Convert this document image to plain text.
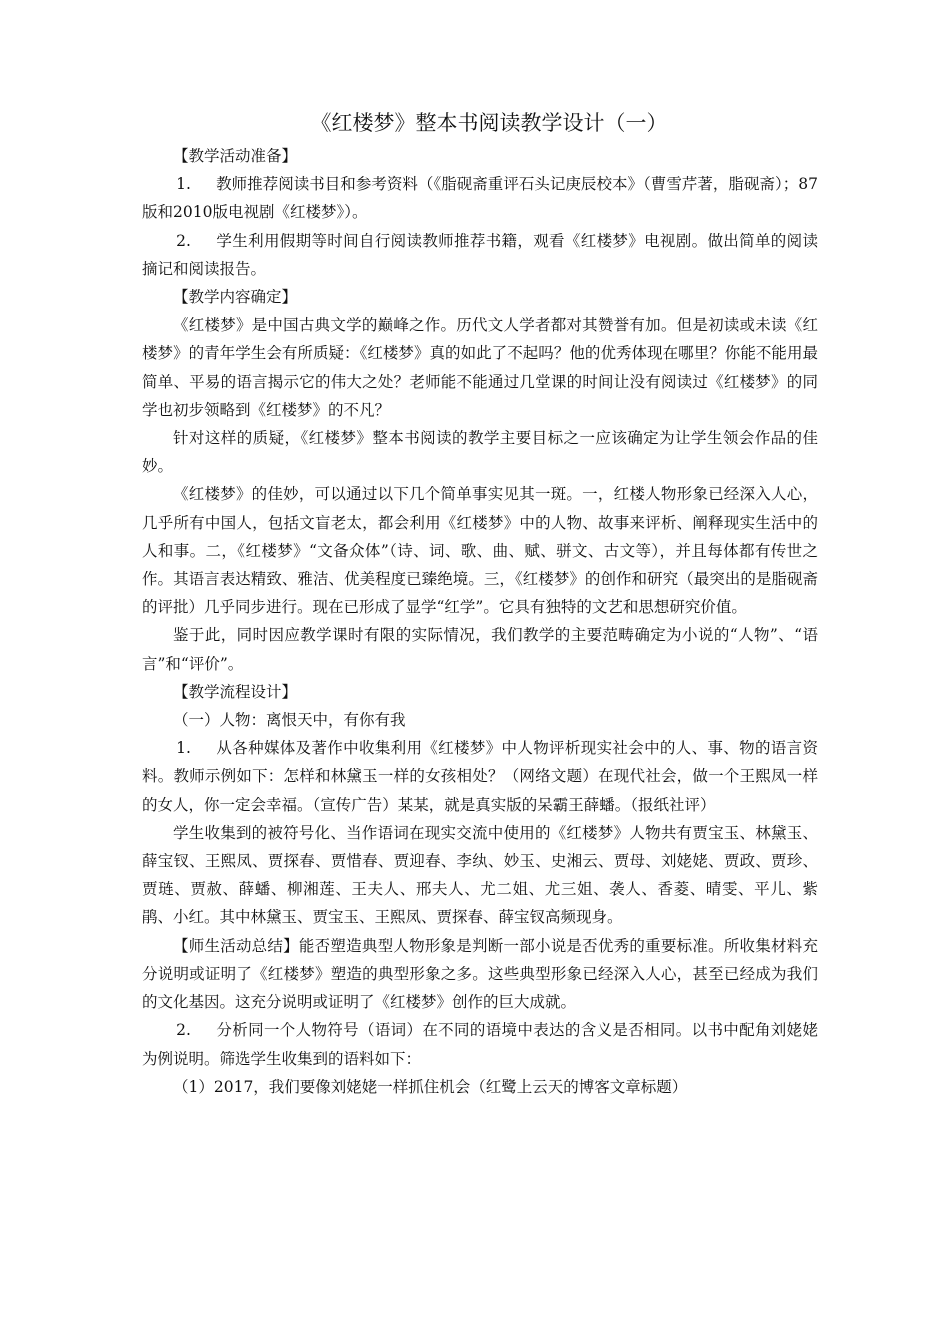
《红楼梦》整本书阅读教学设计（一）

【教学活动准备】

1. 教师推荐阅读书目和参考资料（《脂砚斋重评石头记庚辰校本》（曹雪芹著，脂砚斋）；87版和2010版电视剧《红楼梦》）。

2. 学生利用假期等时间自行阅读教师推荐书籍，观看《红楼梦》电视剧。做出简单的阅读摘记和阅读报告。

【教学内容确定】

《红楼梦》是中国古典文学的巅峰之作。历代文人学者都对其赞誉有加。但是初读或未读《红楼梦》的青年学生会有所质疑：《红楼梦》真的如此了不起吗？他的优秀体现在哪里？你能不能用最简单、平易的语言揭示它的伟大之处？老师能不能通过几堂课的时间让没有阅读过《红楼梦》的同学也初步领略到《红楼梦》的不凡？

针对这样的质疑，《红楼梦》整本书阅读的教学主要目标之一应该确定为让学生领会作品的佳妙。

《红楼梦》的佳妙，可以通过以下几个简单事实见其一斑。一，红楼人物形象已经深入人心，几乎所有中国人，包括文盲老太，都会利用《红楼梦》中的人物、故事来评析、阐释现实生活中的人和事。二，《红楼梦》“文备众体”（诗、词、歌、曲、赋、骈文、古文等），并且每体都有传世之作。其语言表达精致、雅洁、优美程度已臻绝境。三，《红楼梦》的创作和研究（最突出的是脂砚斋的评批）几乎同步进行。现在已形成了显学“红学”。它具有独特的文艺和思想研究价值。

鉴于此，同时因应教学课时有限的实际情况，我们教学的主要范畴确定为小说的“人物”、“语言”和“评价”。

【教学流程设计】

（一）人物：离恨天中，有你有我

1. 从各种媒体及著作中收集利用《红楼梦》中人物评析现实社会中的人、事、物的语言资料。教师示例如下：怎样和林黛玉一样的女孩相处？（网络文题）在现代社会，做一个王熙凤一样的女人，你一定会幸福。（宣传广告）某某，就是真实版的呆霸王薛蟠。（报纸社评）

学生收集到的被符号化、当作语词在现实交流中使用的《红楼梦》人物共有贾宝玉、林黛玉、薛宝钗、王熙凤、贾探春、贾惜春、贾迎春、李纨、妙玉、史湘云、贾母、刘姥姥、贾政、贾珍、贾琏、贾赦、薛蟠、柳湘莲、王夫人、邢夫人、尤二姐、尤三姐、袭人、香菱、晴雯、平儿、紫鹃、小红。其中林黛玉、贾宝玉、王熙凤、贾探春、薛宝钗高频现身。

【师生活动总结】能否塑造典型人物形象是判断一部小说是否优秀的重要标准。所收集材料充分说明或证明了《红楼梦》塑造的典型形象之多。这些典型形象已经深入人心，甚至已经成为我们的文化基因。这充分说明或证明了《红楼梦》创作的巨大成就。

2. 分析同一个人物符号（语词）在不同的语境中表达的含义是否相同。以书中配角刘姥姥为例说明。筛选学生收集到的语料如下：

（1）2017，我们要像刘姥姥一样抓住机会（红鹭上云天的博客文章标题）
